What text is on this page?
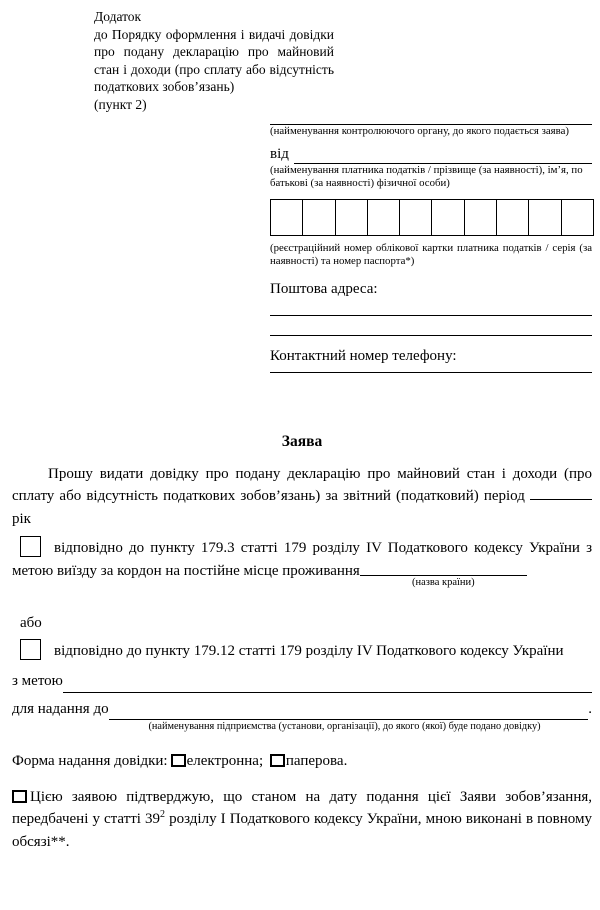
Додаток
до Порядку оформлення і видачі довідки про подану декларацію про майновий стан і доходи (про сплату або відсутність податкових зобов’язань)
(пункт 2)
(найменування контролюючого органу, до якого подається заява)
від
(найменування платника податків / прізвище (за наявності), ім’я, по батькові (за наявності) фізичної особи)
(реєстраційний номер облікової картки платника податків / серія (за наявності) та номер паспорта*)
Поштова адреса:
Контактний номер телефону:
Заява

Прошу видати довідку про подану декларацію про майновий стан і доходи (про сплату або відсутність податкових зобов’язань) за звітний (податковий) період  рік

відповідно до пункту 179.3 статті 179 розділу IV Податкового кодексу України з метою виїзду за кордон на постійне місце проживання
(назва країни)

або

відповідно до пункту 179.12 статті 179 розділу IV Податкового кодексу України

з метою
для надання до	.
(найменування підприємства (установи, організації), до якого (якої) буде подано довідку)
Форма надання довідки: електронна; паперова.

Цією заявою підтверджую, що станом на дату подання цієї Заяви зобов’язання, передбачені у статті $39^2$ розділу I Податкового кодексу України, мною виконані в повному обсязі**.
